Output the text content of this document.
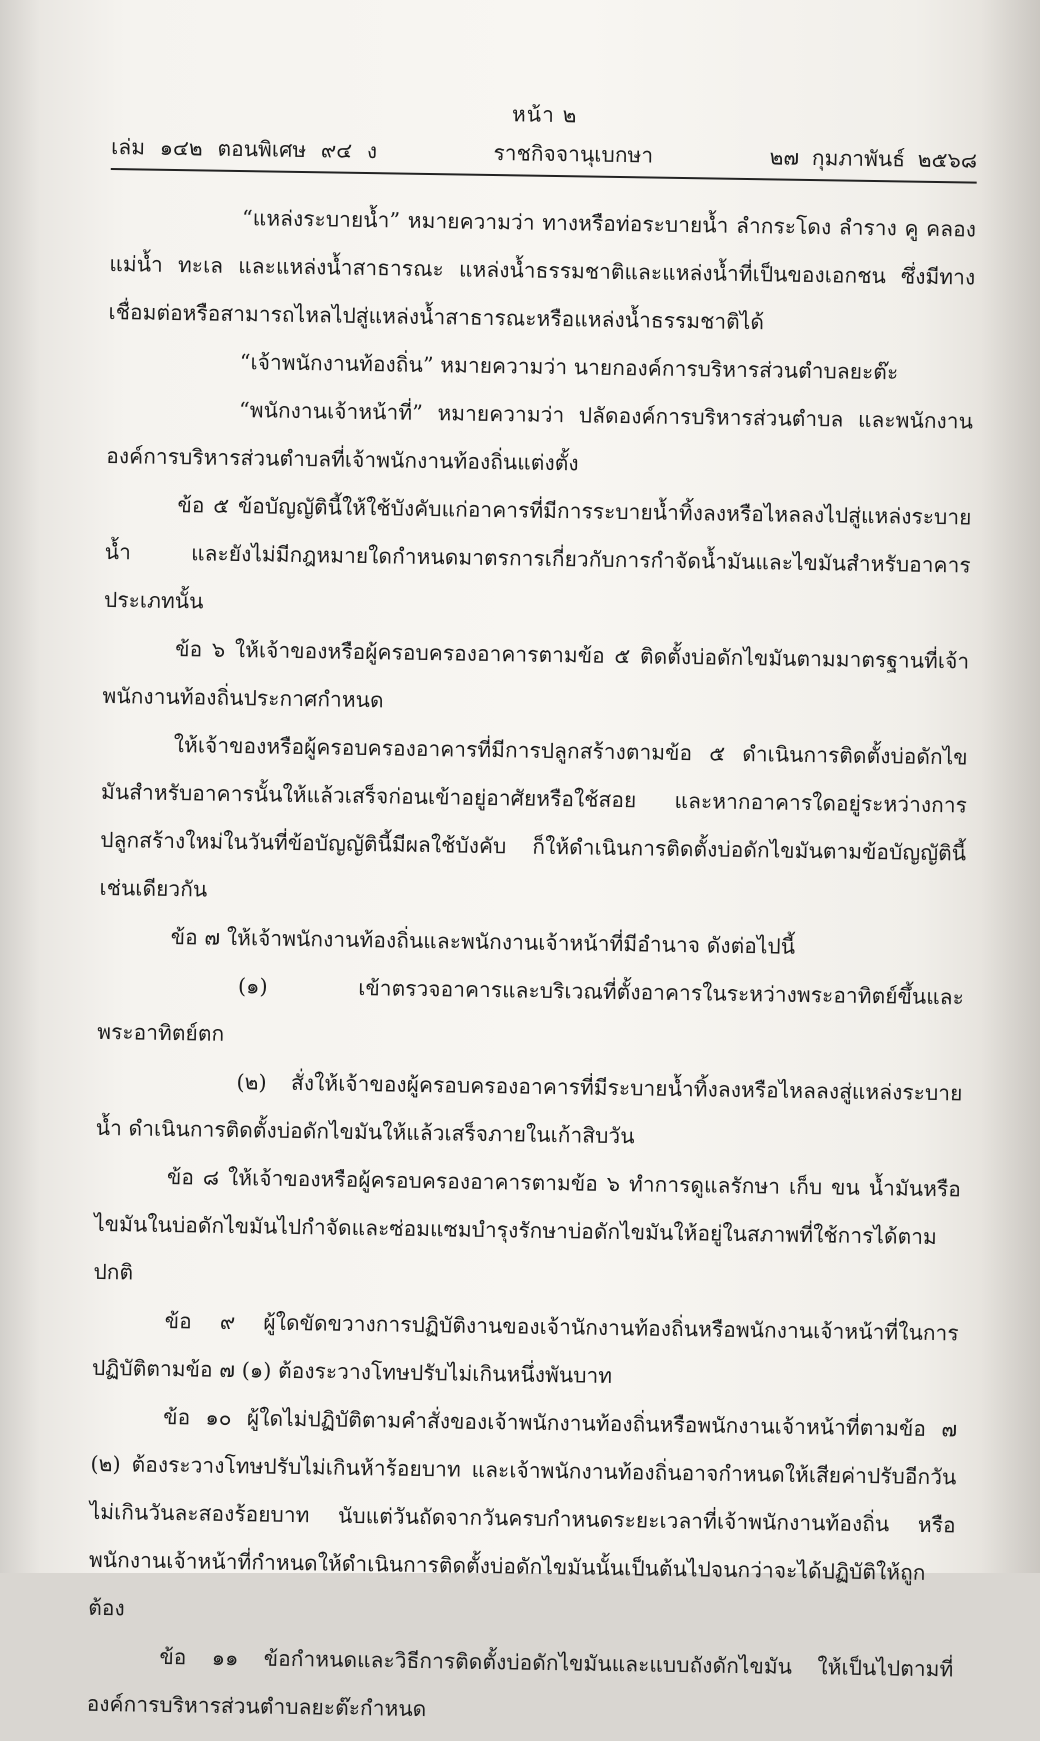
หน้า ๒
เล่ม ๑๔๒ ตอนพิเศษ ๙๔ ง	ราชกิจจานุเบกษา	๒๗ กุมภาพันธ์ ๒๕๖๘

“แหล่งระบายน้ำ” หมายความว่า ทางหรือท่อระบายน้ำ ลำกระโดง ลำราง คู คลอง แม่น้ำ ทะเล และแหล่งน้ำสาธารณะ แหล่งน้ำธรรมชาติและแหล่งน้ำที่เป็นของเอกชน ซึ่งมีทางเชื่อมต่อหรือสามารถไหลไปสู่แหล่งน้ำสาธารณะหรือแหล่งน้ำธรรมชาติได้

“เจ้าพนักงานท้องถิ่น” หมายความว่า นายกองค์การบริหารส่วนตำบลยะต๊ะ

“พนักงานเจ้าหน้าที่” หมายความว่า ปลัดองค์การบริหารส่วนตำบล และพนักงานองค์การบริหารส่วนตำบลที่เจ้าพนักงานท้องถิ่นแต่งตั้ง

ข้อ ๕ ข้อบัญญัตินี้ให้ใช้บังคับแก่อาคารที่มีการระบายน้ำทิ้งลงหรือไหลลงไปสู่แหล่งระบายน้ำ และยังไม่มีกฎหมายใดกำหนดมาตรการเกี่ยวกับการกำจัดน้ำมันและไขมันสำหรับอาคารประเภทนั้น

ข้อ ๖ ให้เจ้าของหรือผู้ครอบครองอาคารตามข้อ ๕ ติดตั้งบ่อดักไขมันตามมาตรฐานที่เจ้าพนักงานท้องถิ่นประกาศกำหนด

ให้เจ้าของหรือผู้ครอบครองอาคารที่มีการปลูกสร้างตามข้อ ๕ ดำเนินการติดตั้งบ่อดักไขมันสำหรับอาคารนั้นให้แล้วเสร็จก่อนเข้าอยู่อาศัยหรือใช้สอย และหากอาคารใดอยู่ระหว่างการปลูกสร้างใหม่ในวันที่ข้อบัญญัตินี้มีผลใช้บังคับ ก็ให้ดำเนินการติดตั้งบ่อดักไขมันตามข้อบัญญัตินี้เช่นเดียวกัน

ข้อ ๗ ให้เจ้าพนักงานท้องถิ่นและพนักงานเจ้าหน้าที่มีอำนาจ ดังต่อไปนี้

(๑) เข้าตรวจอาคารและบริเวณที่ตั้งอาคารในระหว่างพระอาทิตย์ขึ้นและพระอาทิตย์ตก

(๒) สั่งให้เจ้าของผู้ครอบครองอาคารที่มีระบายน้ำทิ้งลงหรือไหลลงสู่แหล่งระบายน้ำ ดำเนินการติดตั้งบ่อดักไขมันให้แล้วเสร็จภายในเก้าสิบวัน

ข้อ ๘ ให้เจ้าของหรือผู้ครอบครองอาคารตามข้อ ๖ ทำการดูแลรักษา เก็บ ขน น้ำมันหรือไขมันในบ่อดักไขมันไปกำจัดและซ่อมแซมบำรุงรักษาบ่อดักไขมันให้อยู่ในสภาพที่ใช้การได้ตามปกติ

ข้อ ๙ ผู้ใดขัดขวางการปฏิบัติงานของเจ้านักงานท้องถิ่นหรือพนักงานเจ้าหน้าที่ในการปฏิบัติตามข้อ ๗ (๑) ต้องระวางโทษปรับไม่เกินหนึ่งพันบาท

ข้อ ๑๐ ผู้ใดไม่ปฏิบัติตามคำสั่งของเจ้าพนักงานท้องถิ่นหรือพนักงานเจ้าหน้าที่ตามข้อ ๗ (๒) ต้องระวางโทษปรับไม่เกินห้าร้อยบาท และเจ้าพนักงานท้องถิ่นอาจกำหนดให้เสียค่าปรับอีกวันไม่เกินวันละสองร้อยบาท นับแต่วันถัดจากวันครบกำหนดระยะเวลาที่เจ้าพนักงานท้องถิ่น หรือพนักงานเจ้าหน้าที่กำหนดให้ดำเนินการติดตั้งบ่อดักไขมันนั้นเป็นต้นไปจนกว่าจะได้ปฏิบัติให้ถูกต้อง

ข้อ ๑๑ ข้อกำหนดและวิธีการติดตั้งบ่อดักไขมันและแบบถังดักไขมัน ให้เป็นไปตามที่องค์การบริหารส่วนตำบลยะต๊ะกำหนด
